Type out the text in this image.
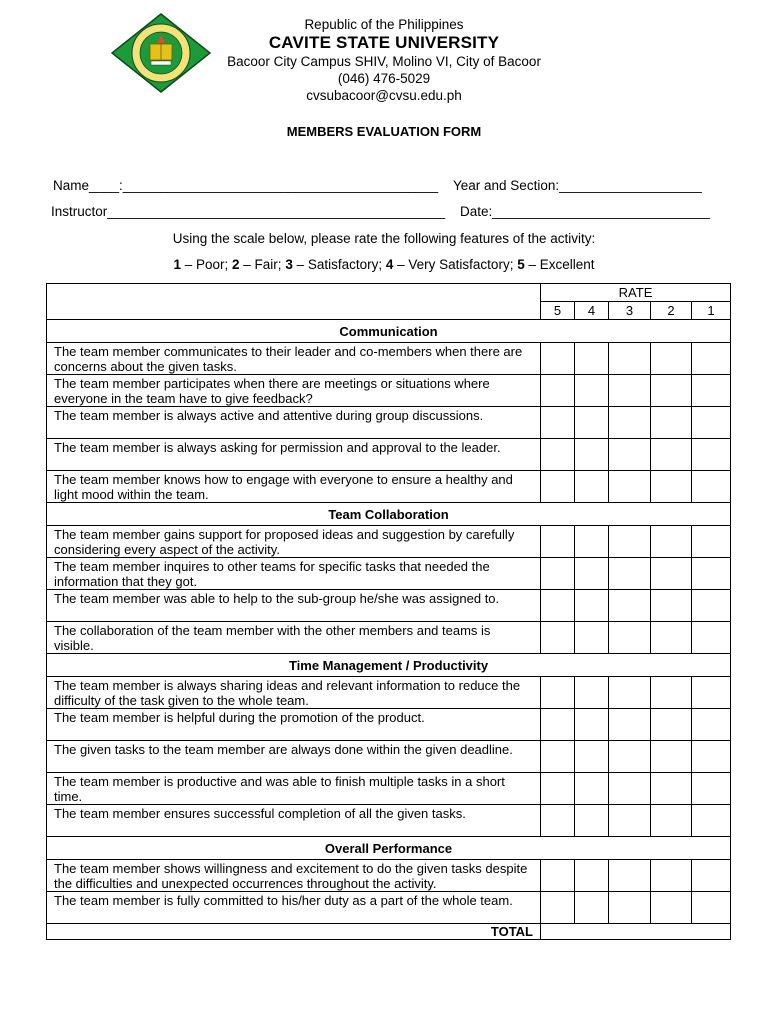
Republic of the Philippines
CAVITE STATE UNIVERSITY
Bacoor City Campus SHIV, Molino VI, City of Bacoor
(046) 476-5029
cvsubacoor@cvsu.edu.ph
MEMBERS EVALUATION FORM
Name____:__________________________________________ Year and Section:___________________
Instructor_____________________________________________ Date:_____________________________
Using the scale below, please rate the following features of the activity:
1 – Poor; 2 – Fair; 3 – Satisfactory; 4 – Very Satisfactory; 5 – Excellent
	RATE				
	5	4	3	2	1
Communication					
The team member communicates to their leader and co-members when there are concerns about the given tasks.					
The team member participates when there are meetings or situations where everyone in the team have to give feedback?					
The team member is always active and attentive during group discussions.					
The team member is always asking for permission and approval to the leader.					
The team member knows how to engage with everyone to ensure a healthy and light mood within the team.					
Team Collaboration					
The team member gains support for proposed ideas and suggestion by carefully considering every aspect of the activity.					
The team member inquires to other teams for specific tasks that needed the information that they got.					
The team member was able to help to the sub-group he/she was assigned to.					
The collaboration of the team member with the other members and teams is visible.					
Time Management / Productivity					
The team member is always sharing ideas and relevant information to reduce the difficulty of the task given to the whole team.					
The team member is helpful during the promotion of the product.					
The given tasks to the team member are always done within the given deadline.					
The team member is productive and was able to finish multiple tasks in a short time.					
The team member ensures successful completion of all the given tasks.					
Overall Performance					
The team member shows willingness and excitement to do the given tasks despite the difficulties and unexpected occurrences throughout the activity.					
The team member is fully committed to his/her duty as a part of the whole team.					
TOTAL					
